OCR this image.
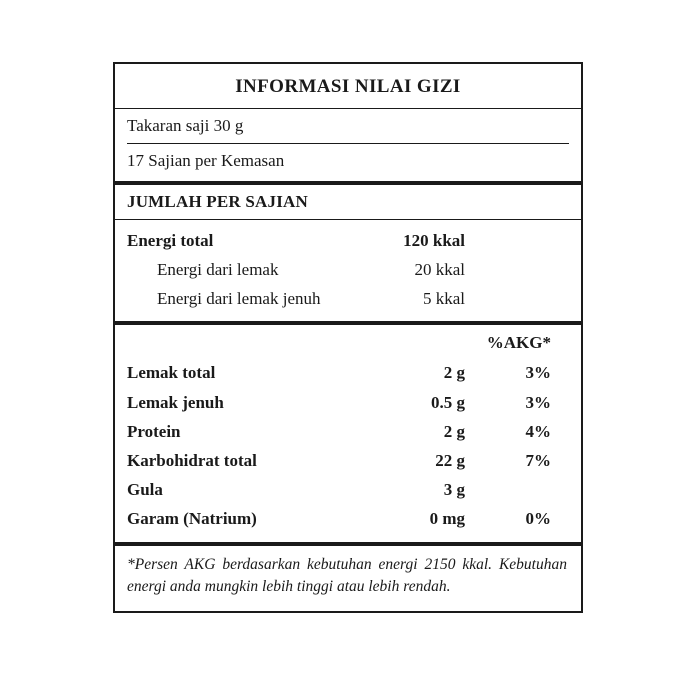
INFORMASI NILAI GIZI
Takaran saji 30 g
17 Sajian per Kemasan
JUMLAH PER SAJIAN
Energi total	120 kkal
Energi dari lemak	20 kkal
Energi dari lemak jenuh	5 kkal
%AKG*
Lemak total	2 g	3%
Lemak jenuh	0.5 g	3%
Protein	2 g	4%
Karbohidrat total	22 g	7%
Gula	3 g
Garam (Natrium)	0 mg	0%
*Persen AKG berdasarkan kebutuhan energi 2150 kkal. Kebutuhan energi anda mungkin lebih tinggi atau lebih rendah.
